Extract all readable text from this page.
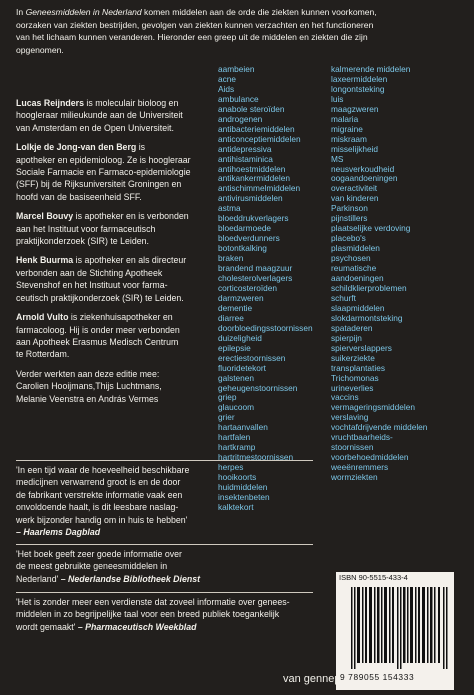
In Geneesmiddelen in Nederland komen middelen aan de orde die ziekten kunnen voorkomen,
oorzaken van ziekten bestrijden, gevolgen van ziekten kunnen verzachten en het functioneren
van het lichaam kunnen veranderen. Hieronder een greep uit de middelen en ziekten die zijn
opgenomen.

Lucas Reijnders is moleculair bioloog en
hoogleraar milieukunde aan de Universiteit
van Amsterdam en de Open Universiteit.

Lolkje de Jong-van den Berg is
apotheker en epidemioloog. Ze is hoogleraar
Sociale Farmacie en Farmaco-epidemiologie
(SFF) bij de Rijksuniversiteit Groningen en
hoofd van de basiseenheid SFF.

Marcel Bouvy is apotheker en is verbonden
aan het Instituut voor farmaceutisch
praktijkonderzoek (SIR) te Leiden.

Henk Buurma is apotheker en als directeur
verbonden aan de Stichting Apotheek
Stevenshof en het Instituut voor farma-
ceutisch praktijkonderzoek (SIR) te Leiden.

Arnold Vulto is ziekenhuisapotheker en
farmacoloog. Hij is onder meer verbonden
aan Apotheek Erasmus Medisch Centrum
te Rotterdam.

Verder werkten aan deze editie mee:
Carolien Hooijmans,Thijs Luchtmans,
Melanie Veenstra en András Vermes

'In een tijd waar de hoeveelheid beschikbare
medicijnen verwarrend groot is en de door
de fabrikant verstrekte informatie vaak een
onvoldoende haalt, is dit leesbare naslag-
werk bijzonder handig om in huis te hebben'
– Haarlems Dagblad

'Het boek geeft zeer goede informatie over
de meest gebruikte geneesmiddelen in
Nederland' – Nederlandse Bibliotheek Dienst

'Het is zonder meer een verdienste dat zoveel informatie over genees-
middelen in zo begrijpelijke taal voor een breed publiek toegankelijk
wordt gemaakt' – Pharmaceutisch Weekblad

aambeien
acne
Aids
ambulance
anabole steroïden
androgenen
antibacteriemiddelen
anticonceptiemiddelen
antidepressiva
antihistaminica
antihoestmiddelen
antikankermiddelen
antischimmelmiddelen
antivirusmiddelen
astma
bloeddrukverlagers
bloedarmoede
bloedverdunners
botontkalking
braken
brandend maagzuur
cholesterolverlagers
corticosteroïden
darmzweren
dementie
diarree
doorbloedingsstoornissen
duizeligheid
epilepsie
erectiestoornissen
fluoridetekort
galstenen
geheugenstoornissen
griep
glaucoom
grier
hartaanvallen
hartfalen
hartkramp
hartritmestoornissen
herpes
hooikoorts
huidmiddelen
insektenbeten
kalktekort
kalmerende middelen
laxeermiddelen
longontsteking
luis
maagzweren
malaria
migraine
miskraam
misselijkheid
MS
neusverkoudheid
oogaandoeningen
overactiviteit
van kinderen
Parkinson
pijnstillers
plaatselijke verdoving
placebo's
plasmiddelen
psychosen
reumatische
aandoeningen
schildklierproblemen
schurft
slaapmiddelen
slokdarmontsteking
spataderen
spierpijn
spierverslappers
suikerziekte
transplantaties
Trichomonas
urineverlies
vaccins
vermageringsmiddelen
verslaving
vochtafdrijvende middelen
vruchtbaarheids-
stoornissen
voorbehoedmiddelen
weeënremmers
wormziekten
ISBN 90-5515-433-4
9 789055 154333
van gennep
